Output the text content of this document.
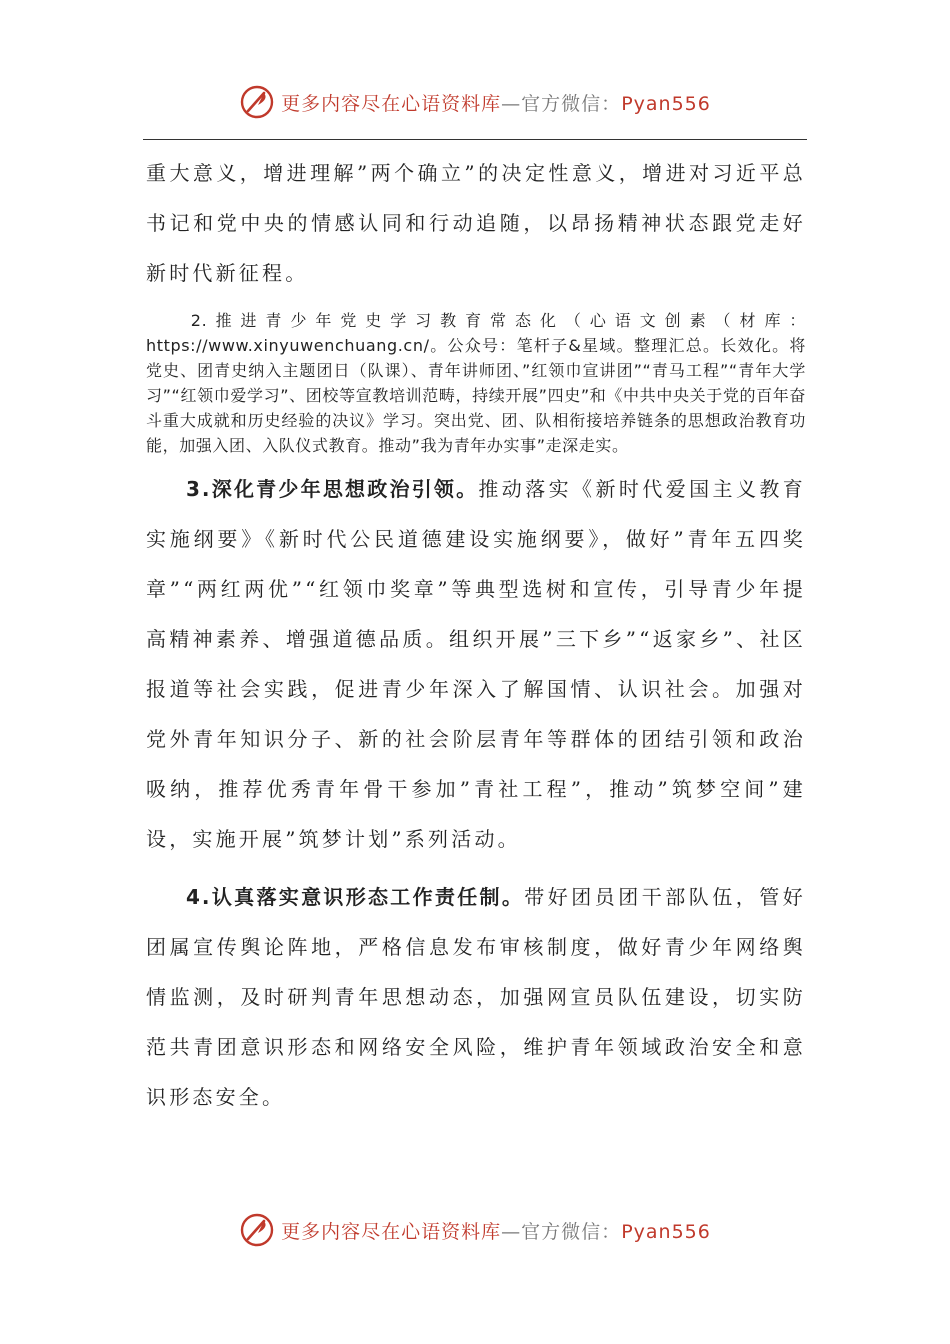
更多内容尽在心语资料库—官方微信：Pyan556

重大意义，增进理解”两个确立”的决定性意义，增进对习近平总书记和党中央的情感认同和行动追随，以昂扬精神状态跟党走好新时代新征程。

2.推进青少年党史学习教育常态化（心语文创素（材库：https://www.xinyuwenchuang.cn/。公众号：笔杆子&星域。整理汇总。长效化。将党史、团青史纳入主题团日（队课）、青年讲师团、”红领巾宣讲团”“青马工程”“青年大学习”“红领巾爱学习”、团校等宣教培训范畴，持续开展”四史”和《中共中央关于党的百年奋斗重大成就和历史经验的决议》学习。突出党、团、队相衔接培养链条的思想政治教育功能，加强入团、入队仪式教育。推动”我为青年办实事”走深走实。

3.深化青少年思想政治引领。推动落实《新时代爱国主义教育实施纲要》《新时代公民道德建设实施纲要》，做好”青年五四奖章”“两红两优”“红领巾奖章”等典型选树和宣传，引导青少年提高精神素养、增强道德品质。组织开展”三下乡”“返家乡”、社区报道等社会实践，促进青少年深入了解国情、认识社会。加强对党外青年知识分子、新的社会阶层青年等群体的团结引领和政治吸纳，推荐优秀青年骨干参加”青社工程”，推动”筑梦空间”建设，实施开展”筑梦计划”系列活动。

4.认真落实意识形态工作责任制。带好团员团干部队伍，管好团属宣传舆论阵地，严格信息发布审核制度，做好青少年网络舆情监测，及时研判青年思想动态，加强网宣员队伍建设，切实防范共青团意识形态和网络安全风险，维护青年领域政治安全和意识形态安全。

更多内容尽在心语资料库—官方微信：Pyan556
